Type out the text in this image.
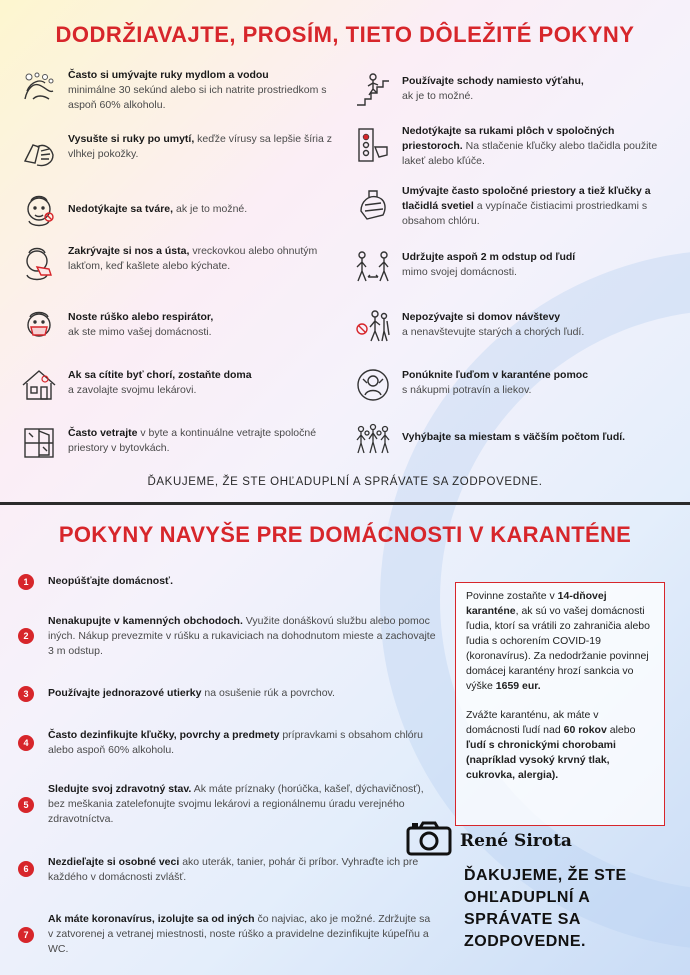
DODRŽIAVAJTE, PROSÍM, TIETO DÔLEŽITÉ POKYNY
Často si umývajte ruky mydlom a vodou
minimálne 30 sekúnd alebo si ich natrite prostriedkom s aspoň 60% alkoholu.
Vysušte si ruky po umytí, keďže vírusy sa lepšie šíria z vlhkej pokožky.
Nedotýkajte sa tváre, ak je to možné.
Zakrývajte si nos a ústa, vreckovkou alebo ohnutým lakťom, keď kašlete alebo kýchate.
Noste rúško alebo respirátor,
ak ste mimo vašej domácnosti.
Ak sa cítite byť chorí, zostaňte doma
a zavolajte svojmu lekárovi.
Často vetrajte v byte a kontinuálne vetrajte spoločné priestory v bytovkách.
Používajte schody namiesto výťahu,
ak je to možné.
Nedotýkajte sa rukami plôch v spoločných priestoroch. Na stlačenie kľučky alebo tlačidla použite lakeť alebo kľúče.
Umývajte často spoločné priestory a tiež kľučky a tlačidlá svetiel a vypínače čistiacimi prostriedkami s obsahom chlóru.
Udržujte aspoň 2 m odstup od ľudí
mimo svojej domácnosti.
Nepozývajte si domov návštevy
a nenavštevujte starých a chorých ľudí.
Ponúknite ľuďom v karanténe pomoc
s nákupmi potravín a liekov.
Vyhýbajte sa miestam s väčším počtom ľudí.
ĎAKUJEME, ŽE STE OHĽADUPLNÍ A SPRÁVATE SA ZODPOVEDNE.
POKYNY NAVYŠE PRE DOMÁCNOSTI V KARANTÉNE
1	Neopúšťajte domácnosť.
2
Nenakupujte v kamenných obchodoch. Využite donáškovú službu alebo pomoc iných. Nákup prevezmite v rúšku a rukaviciach na dohodnutom mieste a zachovajte 3 m odstup.
3	Používajte jednorazové utierky na osušenie rúk a povrchov.
4
Často dezinfikujte kľučky, povrchy a predmety prípravkami s obsahom chlóru alebo aspoň 60% alkoholu.
5
Sledujte svoj zdravotný stav. Ak máte príznaky (horúčka, kašeľ, dýchavičnosť), bez meškania zatelefonujte svojmu lekárovi a regionálnemu úradu verejného zdravotníctva.
6
Nezdieľajte si osobné veci ako uterák, tanier, pohár či príbor. Vyhraďte ich pre každého v domácnosti zvlášť.
7
Ak máte koronavírus, izolujte sa od iných čo najviac, ako je možné. Zdržujte sa v zatvorenej a vetranej miestnosti, noste rúško a pravidelne dezinfikujte kúpeľňu a WC.

Povinne zostaňte v 14-dňovej karanténe, ak sú vo vašej domácnosti ľudia, ktorí sa vrátili zo zahraničia alebo ľudia s ochorením COVID-19 (koronavírus). Za nedodržanie povinnej domácej karantény hrozí sankcia vo výške 1659 eur.

Zvážte karanténu, ak máte v domácnosti ľudí nad 60 rokov alebo ľudí s chronickými chorobami (napríklad vysoký krvný tlak, cukrovka, alergia).

René Sirota
ĎAKUJEME, ŽE STE OHĽADUPLNÍ A SPRÁVATE SA ZODPOVEDNE.
